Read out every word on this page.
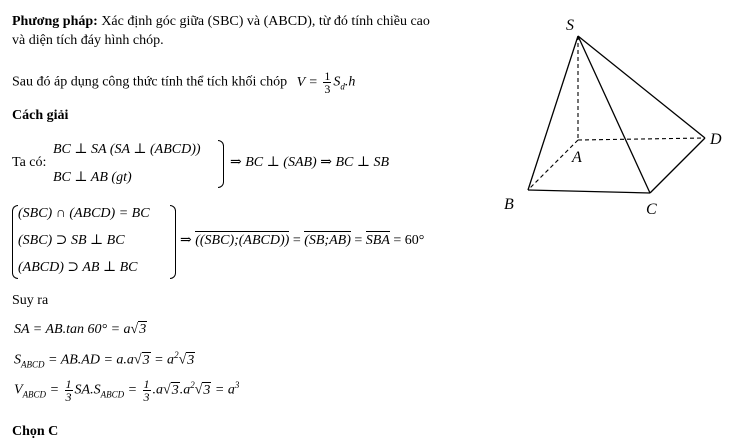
Phương pháp: Xác định góc giữa (SBC) và (ABCD), từ đó tính chiều cao
và diện tích đáy hình chóp.
Sau đó áp dụng công thức tính thể tích khối chóp $V = \frac{1}{3} S_d.h$
Cách giải
Ta có:
BC ⊥ SA (SA ⊥ (ABCD))
BC ⊥ AB (gt)
⇒ BC ⊥ (SAB) ⇒ BC ⊥ SB
(SBC) ∩ (ABCD) = BC
(SBC) ⊃ SB ⊥ BC
(ABCD) ⊃ AB ⊥ BC
⇒ ((SBC);(ABCD)) = (SB;AB) = SBA = 60°
Suy ra
SA = AB.tan 60° = a√3
$S_{ABCD} = AB.AD = a.a√3 = a^2√3$
$V_{ABCD} = \frac{1}{3} SA.S_{ABCD} = \frac{1}{3} .a√3.a^2√3 = a^3$
Chọn C
S
A
B	C
D
